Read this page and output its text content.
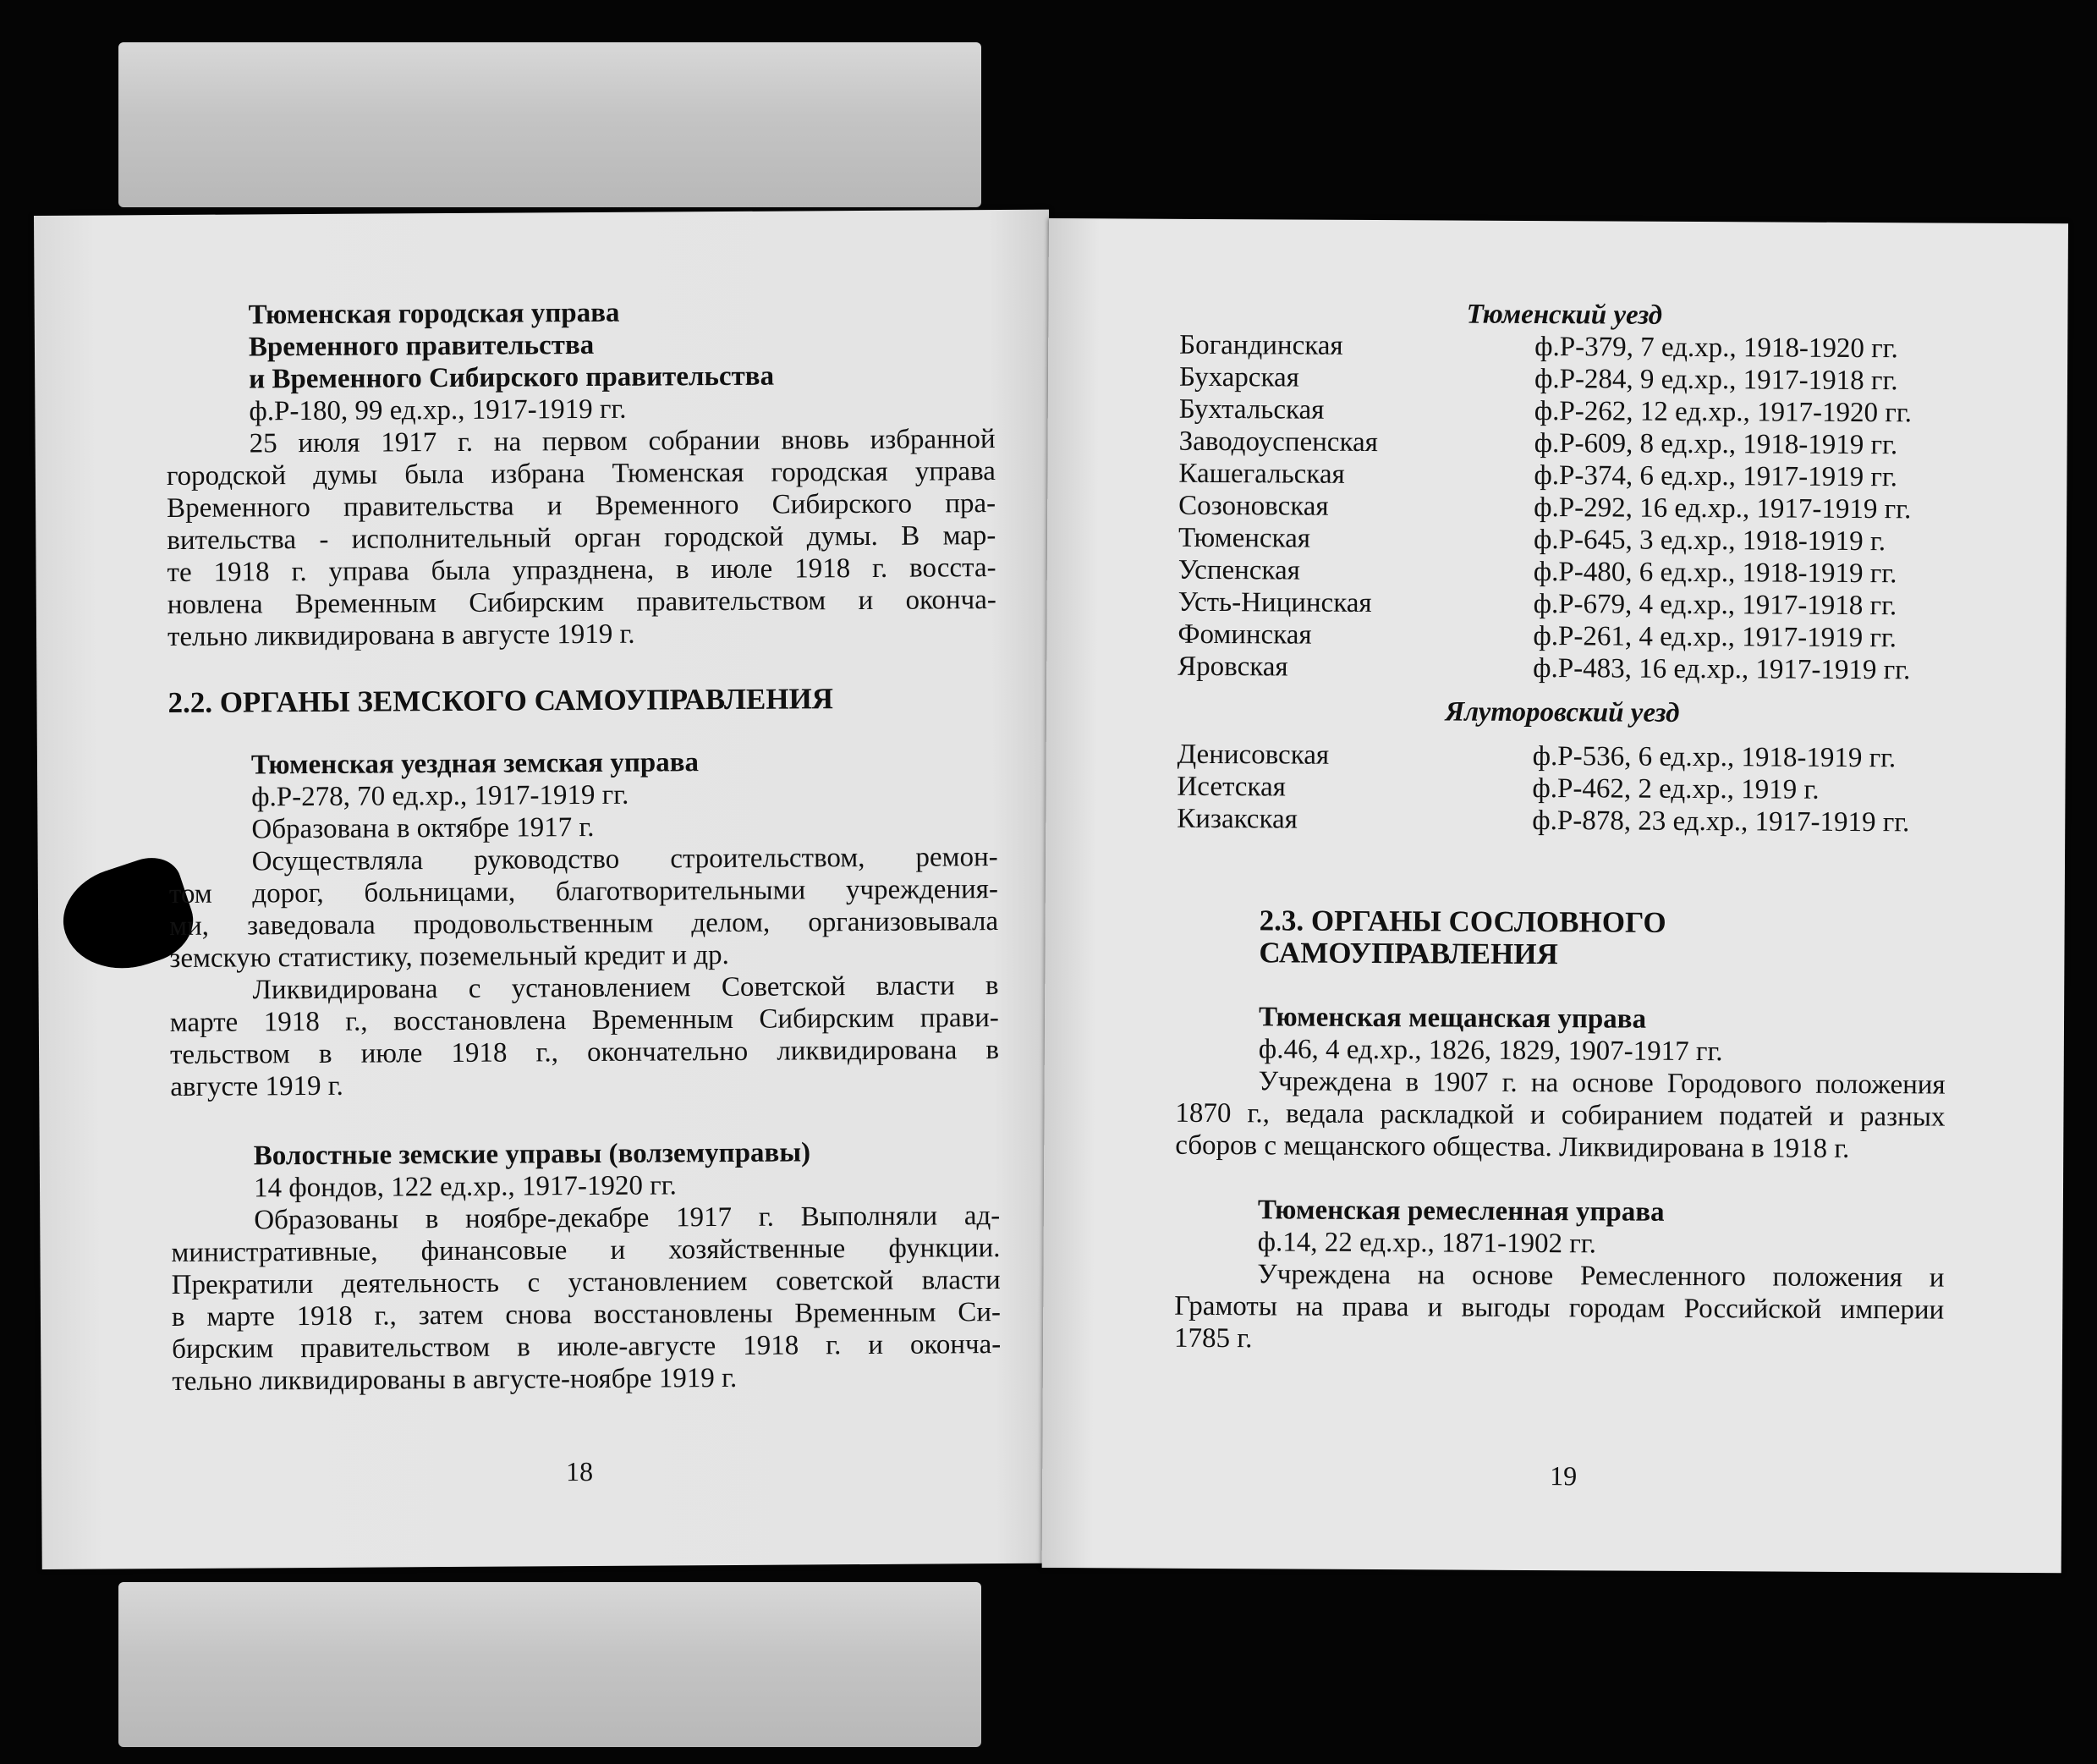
Тюменская городская управа
Временного правительства
и Временного Сибирского правительства
ф.Р-180, 99 ед.хр., 1917-1919 гг.
25 июля 1917 г. на первом собрании вновь избранной
городской думы была избрана Тюменская городская управа
Временного правительства и Временного Сибирского пра-
вительства - исполнительный орган городской думы. В мар-
те 1918 г. управа была упразднена, в июле 1918 г. восста-
новлена Временным Сибирским правительством и оконча-
тельно ликвидирована в августе 1919 г.
2.2. ОРГАНЫ ЗЕМСКОГО САМОУПРАВЛЕНИЯ
Тюменская уездная земская управа
ф.Р-278, 70 ед.хр., 1917-1919 гг.
Образована в октябре 1917 г.
Осуществляла руководство строительством, ремон-
том дорог, больницами, благотворительными учреждения-
ми, заведовала продовольственным делом, организовывала
земскую статистику, поземельный кредит и др.
Ликвидирована с установлением Советской власти в
марте 1918 г., восстановлена Временным Сибирским прави-
тельством в июле 1918 г., окончательно ликвидирована в
августе 1919 г.
Волостные земские управы (волземуправы)
14 фондов, 122 ед.хр., 1917-1920 гг.
Образованы в ноябре-декабре 1917 г. Выполняли ад-
министративные, финансовые и хозяйственные функции.
Прекратили деятельность с установлением советской власти
в марте 1918 г., затем снова восстановлены Временным Си-
бирским правительством в июле-августе 1918 г. и оконча-
тельно ликвидированы в августе-ноябре 1919 г.
18
Тюменский уезд
Богандинская	ф.Р-379, 7 ед.хр., 1918-1920 гг.
Бухарская	ф.Р-284, 9 ед.хр., 1917-1918 гг.
Бухтальская	ф.Р-262, 12 ед.хр., 1917-1920 гг.
Заводоуспенская	ф.Р-609, 8 ед.хр., 1918-1919 гг.
Кашегальская	ф.Р-374, 6 ед.хр., 1917-1919 гг.
Созоновская	ф.Р-292, 16 ед.хр., 1917-1919 гг.
Тюменская	ф.Р-645, 3 ед.хр., 1918-1919 г.
Успенская	ф.Р-480, 6 ед.хр., 1918-1919 гг.
Усть-Ницинская	ф.Р-679, 4 ед.хр., 1917-1918 гг.
Фоминская	ф.Р-261, 4 ед.хр., 1917-1919 гг.
Яровская	ф.Р-483, 16 ед.хр., 1917-1919 гг.
Ялуторовский уезд
Денисовская	ф.Р-536, 6 ед.хр., 1918-1919 гг.
Исетская	ф.Р-462, 2 ед.хр., 1919 г.
Кизакская	ф.Р-878, 23 ед.хр., 1917-1919 гг.
2.3. ОРГАНЫ СОСЛОВНОГО
САМОУПРАВЛЕНИЯ
Тюменская мещанская управа
ф.46, 4 ед.хр., 1826, 1829, 1907-1917 гг.
Учреждена в 1907 г. на основе Городового положения
1870 г., ведала раскладкой и собиранием податей и разных
сборов с мещанского общества. Ликвидирована в 1918 г.
Тюменская ремесленная управа
ф.14, 22 ед.хр., 1871-1902 гг.
Учреждена на основе Ремесленного положения и
Грамоты на права и выгоды городам Российской империи
1785 г.
19
